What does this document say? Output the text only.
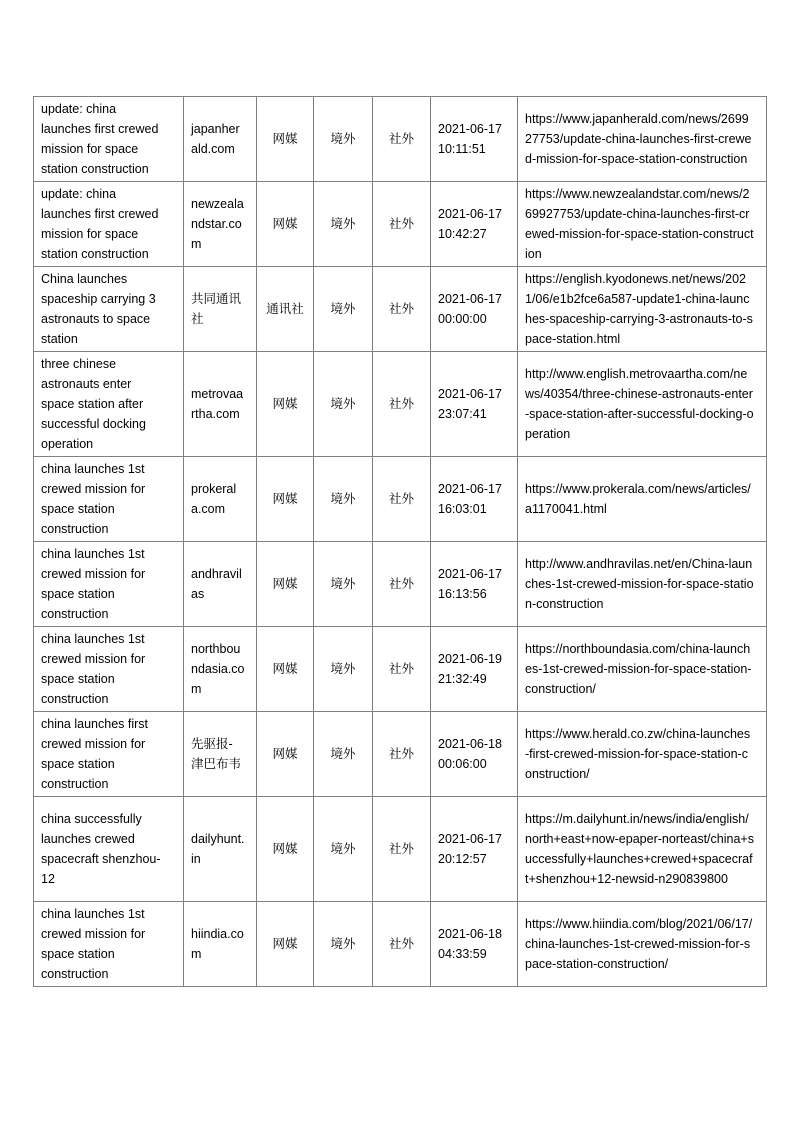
update: china launches first crewed mission for space station construction	japanherald.com	网媒	境外	社外	2021-06-17 10:11:51	https://www.japanherald.com/news/269927753/update-china-launches-first-crewed-mission-for-space-station-construction
update: china launches first crewed mission for space station construction	newzealandstar.com	网媒	境外	社外	2021-06-17 10:42:27	https://www.newzealandstar.com/news/269927753/update-china-launches-first-crewed-mission-for-space-station-construction
China launches spaceship carrying 3 astronauts to space station	共同通讯社	通讯社	境外	社外	2021-06-17 00:00:00	https://english.kyodonews.net/news/2021/06/e1b2fce6a587-update1-china-launches-spaceship-carrying-3-astronauts-to-space-station.html
three chinese astronauts enter space station after successful docking operation	metrovaartha.com	网媒	境外	社外	2021-06-17 23:07:41	http://www.english.metrovaartha.com/news/40354/three-chinese-astronauts-enter-space-station-after-successful-docking-operation
china launches 1st crewed mission for space station construction	prokerala.com	网媒	境外	社外	2021-06-17 16:03:01	https://www.prokerala.com/news/articles/a1170041.html
china launches 1st crewed mission for space station construction	andhravilas	网媒	境外	社外	2021-06-17 16:13:56	http://www.andhravilas.net/en/China-launches-1st-crewed-mission-for-space-station-construction
china launches 1st crewed mission for space station construction	northboundasia.com	网媒	境外	社外	2021-06-19 21:32:49	https://northboundasia.com/china-launches-1st-crewed-mission-for-space-station-construction/
china launches first crewed mission for space station construction	先驱报-津巴布韦	网媒	境外	社外	2021-06-18 00:06:00	https://www.herald.co.zw/china-launches-first-crewed-mission-for-space-station-construction/
china successfully launches crewed spacecraft shenzhou-12	dailyhunt.in	网媒	境外	社外	2021-06-17 20:12:57	https://m.dailyhunt.in/news/india/english/north+east+now-epaper-norteast/china+successfully+launches+crewed+spacecraft+shenzhou+12-newsid-n290839800
china launches 1st crewed mission for space station construction	hiindia.com	网媒	境外	社外	2021-06-18 04:33:59	https://www.hiindia.com/blog/2021/06/17/china-launches-1st-crewed-mission-for-space-station-construction/
